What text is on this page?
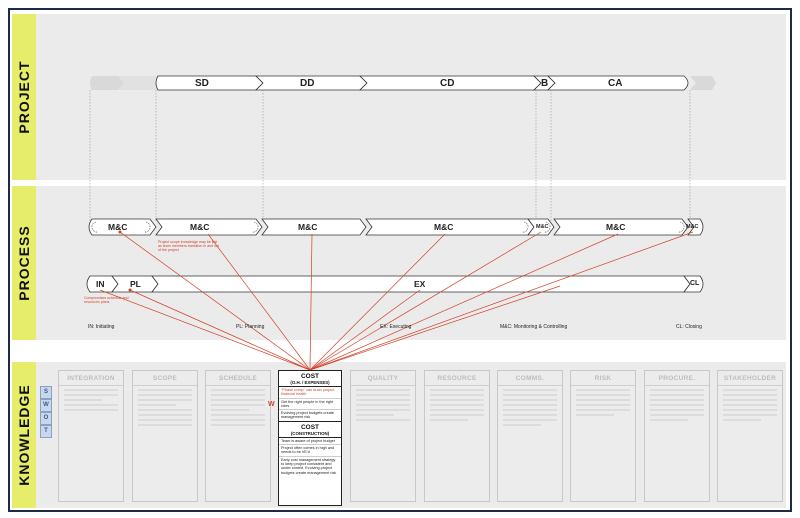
PROJECT
PROCESS
KNOWLEDGE
SD	DD	CD	B	CA
M&C	M&C	M&C	M&C	M&C	M&C	M&C
IN	PL	EX	CL
Project scope knowledge may be lost as team members transition in and out of the project
Compromises schedule and resources plans
IN: Initiating	PL: Planning	EX: Executing	M&C: Monitoring & Controlling	CL: Closing
S
W
O
T
INTEGRATION	SCOPE	SCHEDULE	QUALITY	RESOURCE	COMMS.	RISK	PROCURE.	STAKEHOLDER
W
COST
(O.H. / EXPENSES)
"Phase creep" can drain project financial health
Get the right people in the right roles
Evolving project budgets create management risk
COST
(CONSTRUCTION)
Team is aware of project budget
Project often comes in high and needs to be VE'd
Early cost management strategy to keep project consistent and under control. Evolving project budgets create management risk
